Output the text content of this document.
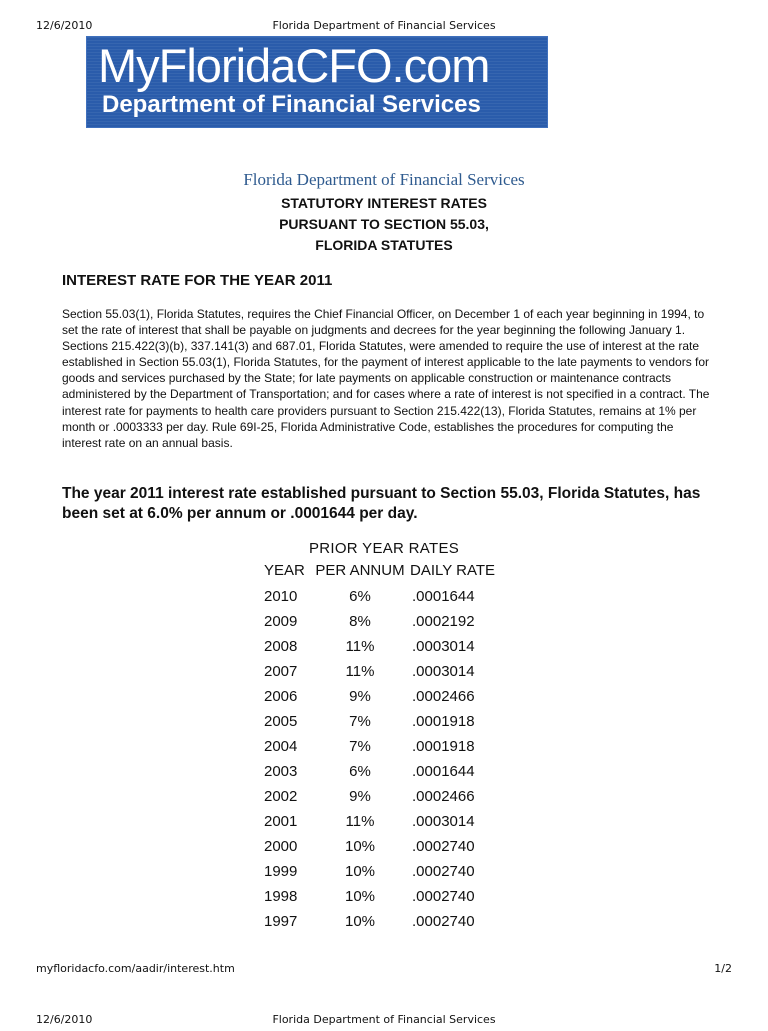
12/6/2010	Florida Department of Financial Services
MyFloridaCFO.com
Department of Financial Services
Florida Department of Financial Services
STATUTORY INTEREST RATES
PURSUANT TO SECTION 55.03,
FLORIDA STATUTES
INTEREST RATE FOR THE YEAR 2011

Section 55.03(1), Florida Statutes, requires the Chief Financial Officer, on December 1 of each year beginning in 1994, to set the rate of interest that shall be payable on judgments and decrees for the year beginning the following January 1. Sections 215.422(3)(b), 337.141(3) and 687.01, Florida Statutes, were amended to require the use of interest at the rate established in Section 55.03(1), Florida Statutes, for the payment of interest applicable to the late payments to vendors for goods and services purchased by the State; for late payments on applicable construction or maintenance contracts administered by the Department of Transportation; and for cases where a rate of interest is not specified in a contract. The interest rate for payments to health care providers pursuant to Section 215.422(13), Florida Statutes, remains at 1% per month or .0003333 per day. Rule 69I-25, Florida Administrative Code, establishes the procedures for computing the interest rate on an annual basis.

The year 2011 interest rate established pursuant to Section 55.03, Florida Statutes, has been set at 6.0% per annum or .0001644 per day.

PRIOR YEAR RATES
YEAR PER ANNUM DAILY RATE
2010	6%	.0001644
2009	8%	.0002192
2008	11%	.0003014
2007	11%	.0003014
2006	9%	.0002466
2005	7%	.0001918
2004	7%	.0001918
2003	6%	.0001644
2002	9%	.0002466
2001	11%	.0003014
2000	10%	.0002740
1999	10%	.0002740
1998	10%	.0002740
1997	10%	.0002740
myfloridacfo.com/aadir/interest.htm	1/2
12/6/2010	Florida Department of Financial Services
